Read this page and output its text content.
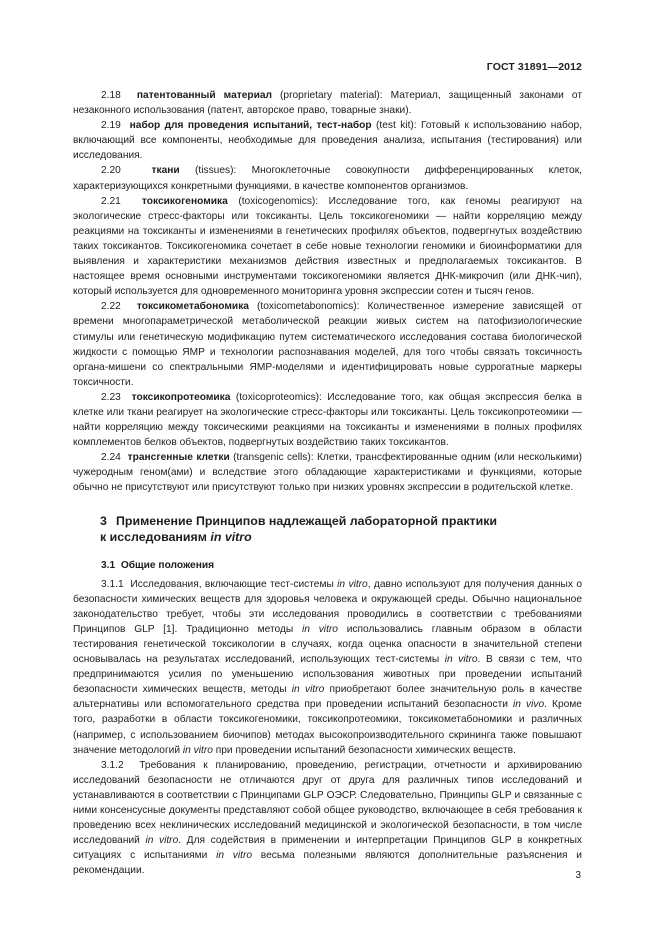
ГОСТ 31891—2012

2.18 патентованный материал (proprietary material): Материал, защищенный законами от незаконного использования (патент, авторское право, товарные знаки).

2.19 набор для проведения испытаний, тест-набор (test kit): Готовый к использованию набор, включающий все компоненты, необходимые для проведения анализа, испытания (тестирования) или исследования.

2.20	ткани (tissues): Многоклеточные совокупности дифференцированных клеток, характеризующихся конкретными функциями, в качестве компонентов организмов.

2.21 токсикогеномика (toxicogenomics): Исследование того, как геномы реагируют на экологические стресс-факторы или токсиканты. Цель токсикогеномики — найти корреляцию между реакциями на токсиканты и изменениями в генетических профилях объектов, подвергнутых воздействию таких токсикантов. Токсикогеномика сочетает в себе новые технологии геномики и биоинформатики для выявления и характеристики механизмов действия известных и предполагаемых токсикантов. В настоящее время основными инструментами токсикогеномики является ДНК-микрочип (или ДНК-чип), который используется для одновременного мониторинга уровня экспрессии сотен и тысяч генов.

2.22 токсикометабономика (toxicometabonomics): Количественное измерение зависящей от времени многопараметрической метаболической реакции живых систем на патофизиологические стимулы или генетическую модификацию путем систематического исследования состава биологической жидкости с помощью ЯМР и технологии распознавания моделей, для того чтобы связать токсичность органа-мишени со спектральными ЯМР-моделями и идентифицировать новые суррогатные маркеры токсичности.

2.23 токсикопротеомика (toxicoproteomics): Исследование того, как общая экспрессия белка в клетке или ткани реагирует на экологические стресс-факторы или токсиканты. Цель токсикопротеомики — найти корреляцию между токсическими реакциями на токсиканты и изменениями в полных профилях комплементов белков объектов, подвергнутых воздействию таких токсикантов.

2.24 трансгенные клетки (transgenic cells): Клетки, трансфектированные одним (или несколькими) чужеродным геном(ами) и вследствие этого обладающие характеристиками и функциями, которые обычно не присутствуют или присутствуют только при низких уровнях экспрессии в родительской клетке.

3 Применение Принципов надлежащей лабораторной практики
к исследованиям in vitro

3.1 Общие положения

3.1.1 Исследования, включающие тест-системы in vitro, давно используют для получения данных о безопасности химических веществ для здоровья человека и окружающей среды. Обычно национальное законодательство требует, чтобы эти исследования проводились в соответствии с требованиями Принципов GLP [1]. Традиционно методы in vitro использовались главным образом в области тестирования генетической токсикологии в случаях, когда оценка опасности в значительной степени основывалась на результатах исследований, использующих тест-системы in vitro. В связи с тем, что предпринимаются усилия по уменьшению использования животных при проведении испытаний безопасности химических веществ, методы in vitro приобретают более значительную роль в качестве альтернативы или вспомогательного средства при проведении испытаний безопасности in vivo. Кроме того, разработки в области токсикогеномики, токсикопротеомики, токсикометабономики и различных (например, с использованием биочипов) методах высокопроизводительного скрининга также повышают значение методологий in vitro при проведении испытаний безопасности химических веществ.

3.1.2 Требования к планированию, проведению, регистрации, отчетности и архивированию исследований безопасности не отличаются друг от друга для различных типов исследований и устанавливаются в соответствии с Принципами GLP ОЭСР. Следовательно, Принципы GLP и связанные с ними консенсусные документы представляют собой общее руководство, включающее в себя требования к проведению всех неклинических исследований медицинской и экологической безопасности, в том числе исследований in vitro. Для содействия в применении и интерпретации Принципов GLP в конкретных ситуациях с испытаниями in vitro весьма полезными являются дополнительные разъяснения и рекомендации.	3
